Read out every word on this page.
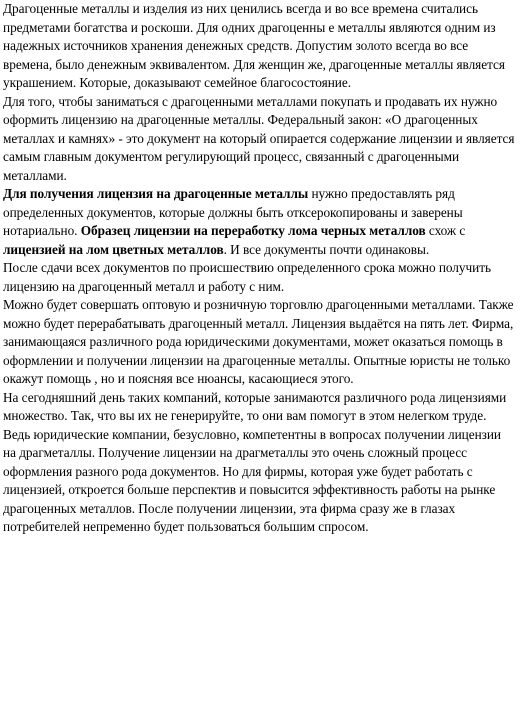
Драгоценные металлы и изделия из них ценились всегда и во все времена считались предметами богатства и роскоши. Для одних драгоценны е металлы являются одним из надежных источников хранения денежных средств. Допустим золото всегда во все времена, было денежным эквивалентом. Для женщин же, драгоценные металлы является украшением. Которые, доказывают семейное благосостояние.

Для того, чтобы заниматься с драгоценными металлами покупать и продавать их нужно оформить лицензию на драгоценные металлы. Федеральный закон: «О драгоценных металлах и камнях» - это документ на который опирается содержание лицензии и является самым главным документом регулирующий процесс, связанный с драгоценными металлами.

Для получения лицензия на драгоценные металлы нужно предоставлять ряд определенных документов, которые должны быть отксерокопированы и заверены нотариально. Образец лицензии на переработку лома черных металлов схож с лицензией на лом цветных металлов. И все документы почти одинаковы.

После сдачи всех документов по происшествию определенного срока можно получить лицензию на драгоценный металл и работу с ним.

Можно будет совершать оптовую и розничную торговлю драгоценными металлами. Также можно будет перерабатывать драгоценный металл. Лицензия выдаётся на пять лет. Фирма, занимающаяся различного рода юридическими документами, может оказаться помощь в оформлении и получении лицензии на драгоценные металлы. Опытные юристы не только окажут помощь , но и поясняя все нюансы, касающиеся этого.

На сегодняшний день таких компаний, которые занимаются различного рода лицензиями множество. Так, что вы их не генерируйте, то они вам помогут в этом нелегком труде. Ведь юридические компании, безусловно, компетентны в вопросах получении лицензии на драгметаллы. Получение лицензии на драгметаллы это очень сложный процесс оформления разного рода документов. Но для фирмы, которая уже будет работать с лицензией, откроется больше перспектив и повысится эффективность работы на рынке драгоценных металлов. После получении лицензии, эта фирма сразу же в глазах потребителей непременно будет пользоваться большим спросом.
